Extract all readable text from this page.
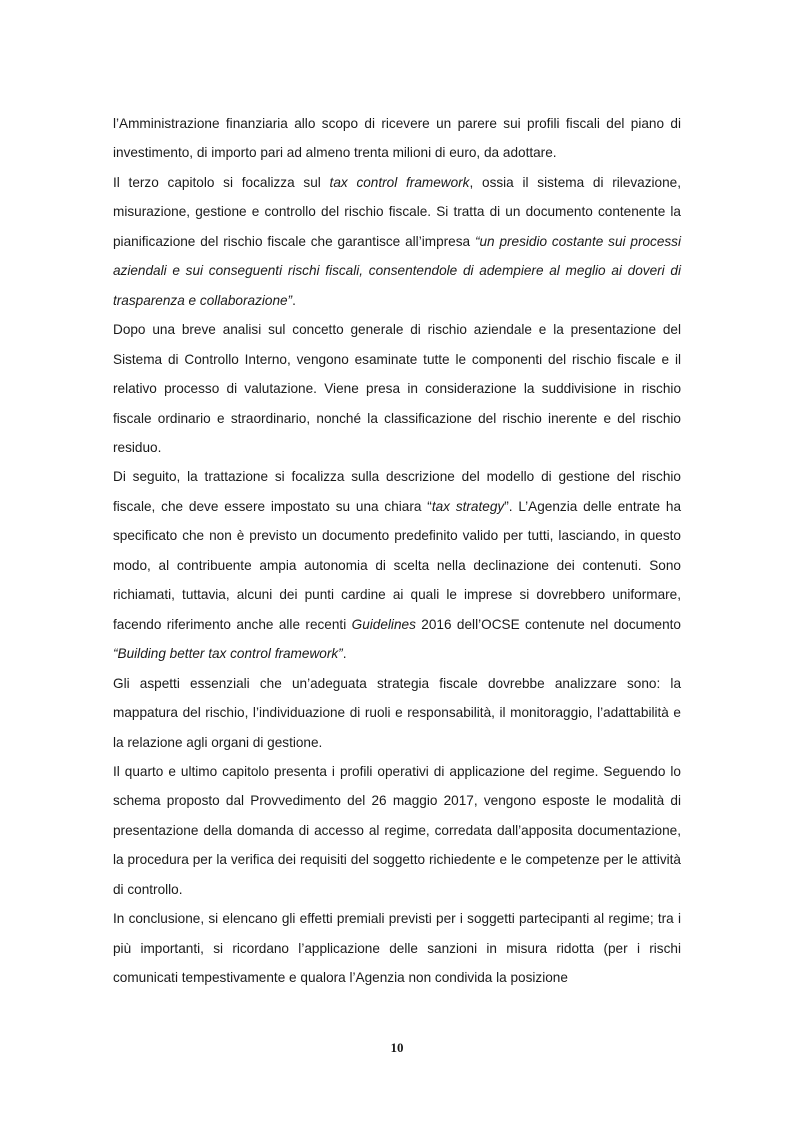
l’Amministrazione finanziaria allo scopo di ricevere un parere sui profili fiscali del piano di investimento, di importo pari ad almeno trenta milioni di euro, da adottare.

Il terzo capitolo si focalizza sul tax control framework, ossia il sistema di rilevazione, misurazione, gestione e controllo del rischio fiscale. Si tratta di un documento contenente la pianificazione del rischio fiscale che garantisce all’impresa “un presidio costante sui processi aziendali e sui conseguenti rischi fiscali, consentendole di adempiere al meglio ai doveri di trasparenza e collaborazione”.

Dopo una breve analisi sul concetto generale di rischio aziendale e la presentazione del Sistema di Controllo Interno, vengono esaminate tutte le componenti del rischio fiscale e il relativo processo di valutazione. Viene presa in considerazione la suddivisione in rischio fiscale ordinario e straordinario, nonché la classificazione del rischio inerente e del rischio residuo.

Di seguito, la trattazione si focalizza sulla descrizione del modello di gestione del rischio fiscale, che deve essere impostato su una chiara “tax strategy”. L’Agenzia delle entrate ha specificato che non è previsto un documento predefinito valido per tutti, lasciando, in questo modo, al contribuente ampia autonomia di scelta nella declinazione dei contenuti. Sono richiamati, tuttavia, alcuni dei punti cardine ai quali le imprese si dovrebbero uniformare, facendo riferimento anche alle recenti Guidelines 2016 dell’OCSE contenute nel documento “Building better tax control framework”.

Gli aspetti essenziali che un’adeguata strategia fiscale dovrebbe analizzare sono: la mappatura del rischio, l’individuazione di ruoli e responsabilità, il monitoraggio, l’adattabilità e la relazione agli organi di gestione.

Il quarto e ultimo capitolo presenta i profili operativi di applicazione del regime. Seguendo lo schema proposto dal Provvedimento del 26 maggio 2017, vengono esposte le modalità di presentazione della domanda di accesso al regime, corredata dall’apposita documentazione, la procedura per la verifica dei requisiti del soggetto richiedente e le competenze per le attività di controllo.

In conclusione, si elencano gli effetti premiali previsti per i soggetti partecipanti al regime; tra i più importanti, si ricordano l’applicazione delle sanzioni in misura ridotta (per i rischi comunicati tempestivamente e qualora l’Agenzia non condivida la posizione

10
